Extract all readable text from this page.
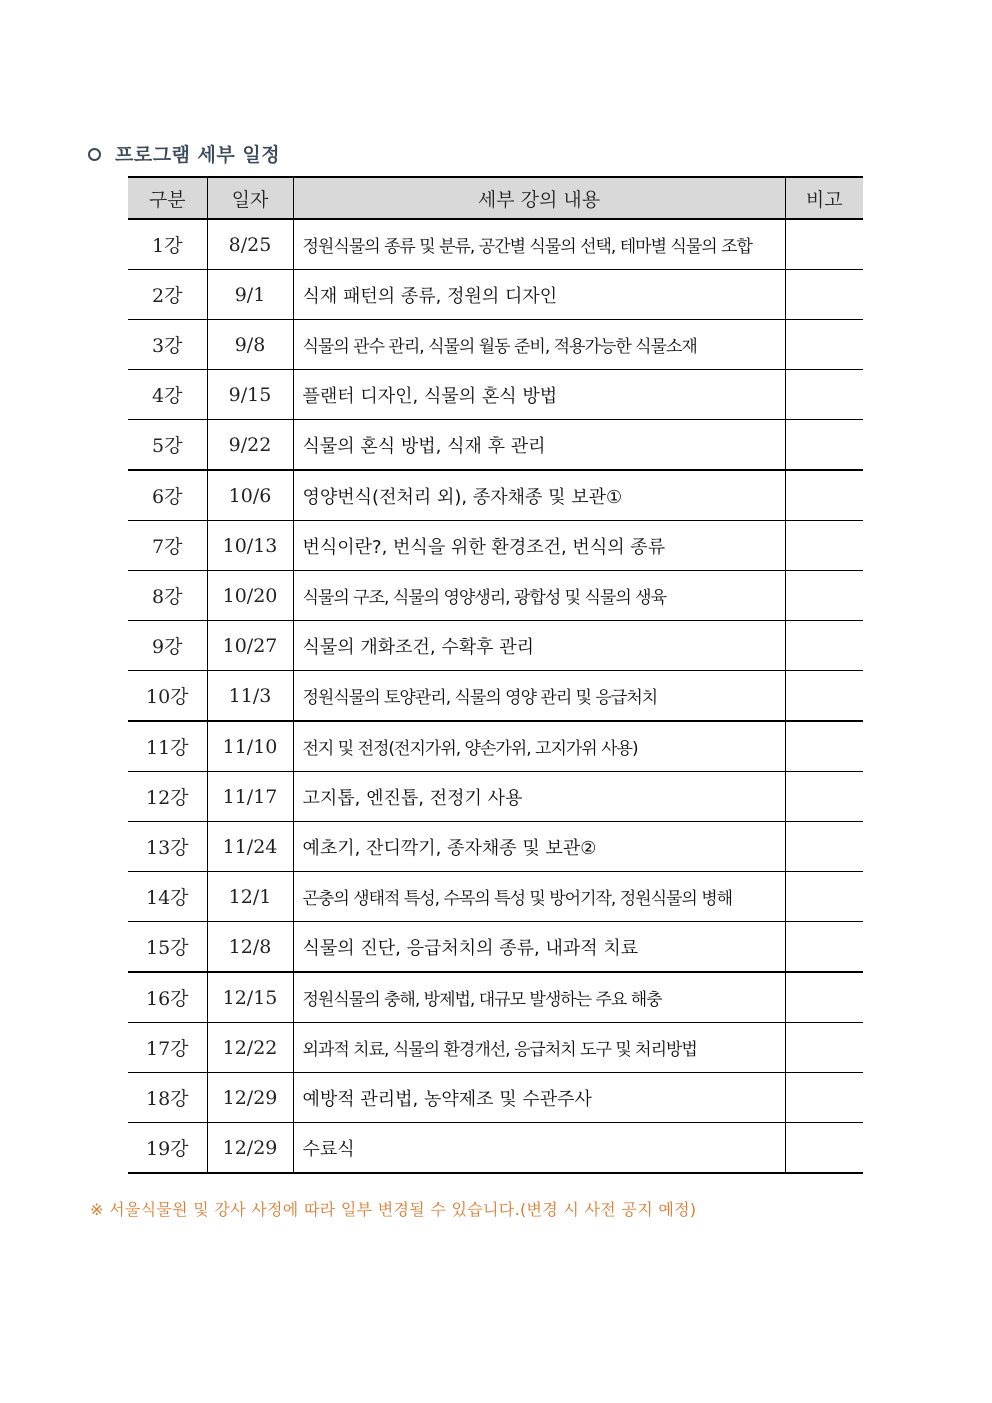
프로그램 세부 일정
구분	일자	세부 강의 내용	비고
1강	8/25	정원식물의 종류 및 분류, 공간별 식물의 선택, 테마별 식물의 조합	
2강	9/1	식재 패턴의 종류, 정원의 디자인	
3강	9/8	식물의 관수 관리, 식물의 월동 준비, 적용가능한 식물소재	
4강	9/15	플랜터 디자인, 식물의 혼식 방법	
5강	9/22	식물의 혼식 방법, 식재 후 관리	
6강	10/6	영양번식(전처리 외), 종자채종 및 보관①	
7강	10/13	번식이란?, 번식을 위한 환경조건, 번식의 종류	
8강	10/20	식물의 구조, 식물의 영양생리, 광합성 및 식물의 생육	
9강	10/27	식물의 개화조건, 수확후 관리	
10강	11/3	정원식물의 토양관리, 식물의 영양 관리 및 응급처치	
11강	11/10	전지 및 전정(전지가위, 양손가위, 고지가위 사용)	
12강	11/17	고지톱, 엔진톱, 전정기 사용	
13강	11/24	예초기, 잔디깍기, 종자채종 및 보관②	
14강	12/1	곤충의 생태적 특성, 수목의 특성 및 방어기작, 정원식물의 병해	
15강	12/8	식물의 진단, 응급처치의 종류, 내과적 치료	
16강	12/15	정원식물의 충해, 방제법, 대규모 발생하는 주요 해충	
17강	12/22	외과적 치료, 식물의 환경개선, 응급처치 도구 및 처리방법	
18강	12/29	예방적 관리법, 농약제조 및 수관주사	
19강	12/29	수료식	
※ 서울식물원 및 강사 사정에 따라 일부 변경될 수 있습니다.(변경 시 사전 공지 예정)
